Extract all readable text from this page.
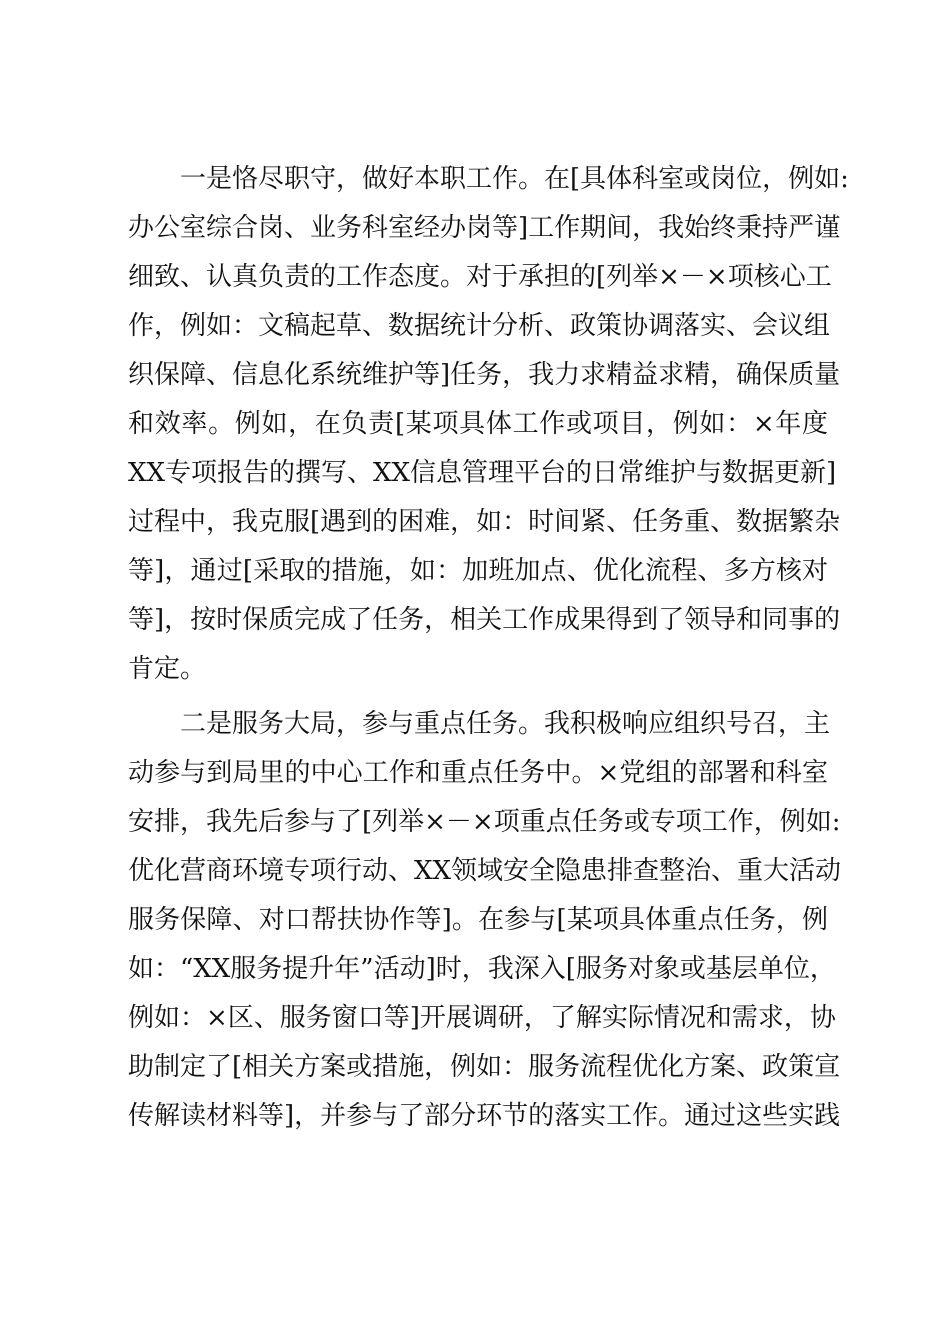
一是恪尽职守，做好本职工作。在[具体科室或岗位，例如:
办公室综合岗、业务科室经办岗等]工作期间，我始终秉持严谨
细致、认真负责的工作态度。对于承担的[列举×－×项核心工
作，例如：文稿起草、数据统计分析、政策协调落实、会议组
织保障、信息化系统维护等]任务，我力求精益求精，确保质量
和效率。例如，在负责[某项具体工作或项目，例如：×年度
XX专项报告的撰写、XX信息管理平台的日常维护与数据更新]
过程中，我克服[遇到的困难，如：时间紧、任务重、数据繁杂
等]，通过[采取的措施，如：加班加点、优化流程、多方核对
等]，按时保质完成了任务，相关工作成果得到了领导和同事的
肯定。
二是服务大局，参与重点任务。我积极响应组织号召，主
动参与到局里的中心工作和重点任务中。×党组的部署和科室
安排，我先后参与了[列举×－×项重点任务或专项工作，例如:
优化营商环境专项行动、XX领域安全隐患排查整治、重大活动
服务保障、对口帮扶协作等]。在参与[某项具体重点任务，例
如：“XX服务提升年”活动]时，我深入[服务对象或基层单位，
例如：×区、服务窗口等]开展调研，了解实际情况和需求，协
助制定了[相关方案或措施，例如：服务流程优化方案、政策宣
传解读材料等]，并参与了部分环节的落实工作。通过这些实践
